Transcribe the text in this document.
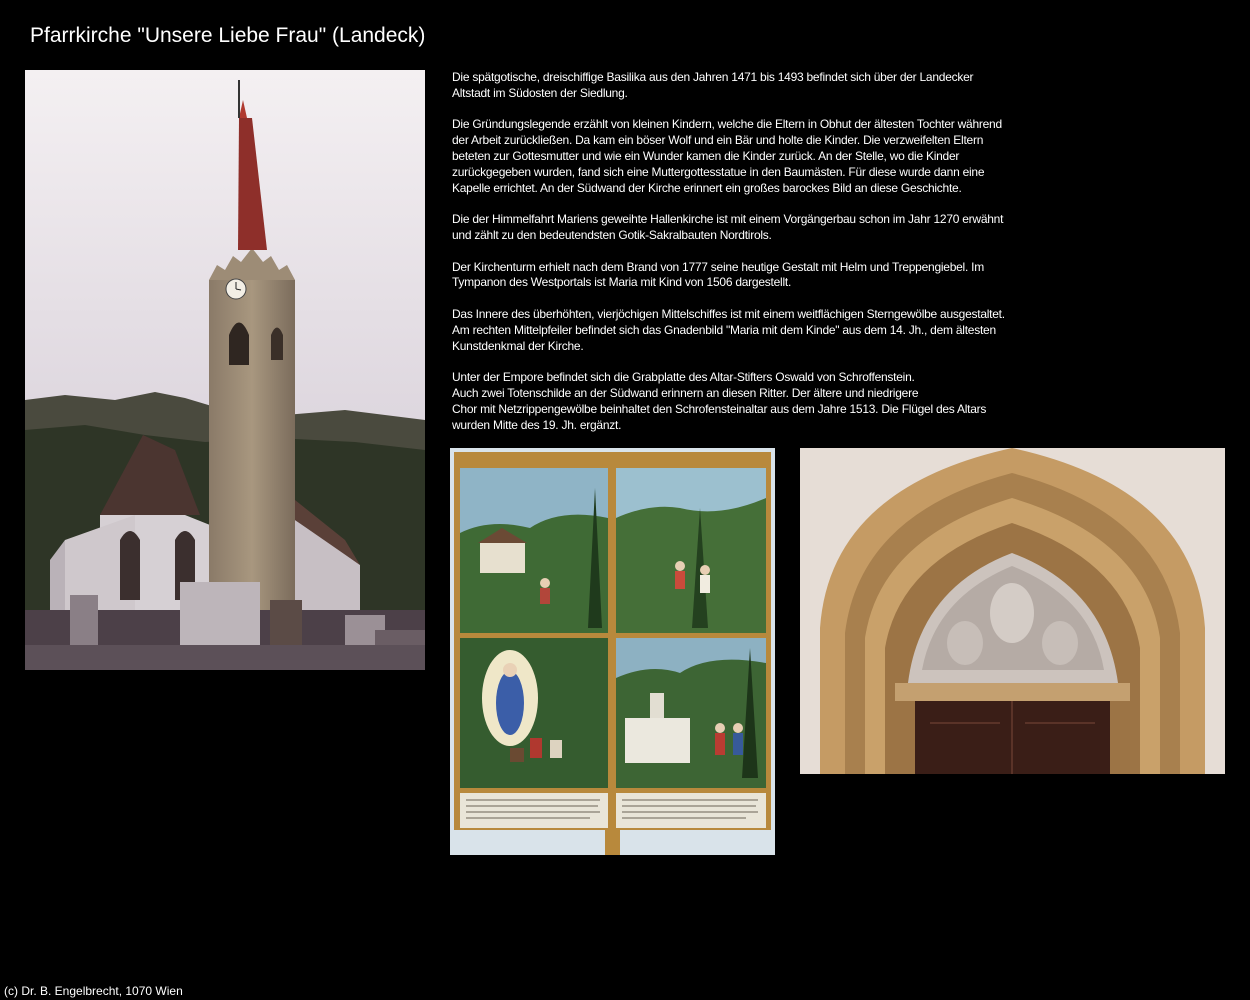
Pfarrkirche "Unsere Liebe Frau" (Landeck)

Die spätgotische, dreischiffige Basilika aus den Jahren 1471 bis 1493 befindet sich über der Landecker
Altstadt im Südosten der Siedlung.

Die Gründungslegende erzählt von kleinen Kindern, welche die Eltern in Obhut der ältesten Tochter während
der Arbeit zurückließen. Da kam ein böser Wolf und ein Bär und holte die Kinder. Die verzweifelten Eltern
beteten zur Gottesmutter und wie ein Wunder kamen die Kinder zurück. An der Stelle, wo die Kinder
zurückgegeben wurden, fand sich eine Muttergottesstatue in den Baumästen. Für diese wurde dann eine
Kapelle errichtet. An der Südwand der Kirche erinnert ein großes barockes Bild an diese Geschichte.

Die der Himmelfahrt Mariens geweihte Hallenkirche ist mit einem Vorgängerbau schon im Jahr 1270 erwähnt
und zählt zu den bedeutendsten Gotik-Sakralbauten Nordtirols.

Der Kirchenturm erhielt nach dem Brand von 1777 seine heutige Gestalt mit Helm und Treppengiebel. Im
Tympanon des Westportals ist Maria mit Kind von 1506 dargestellt.

Das Innere des überhöhten, vierjöchigen Mittelschiffes ist mit einem weitflächigen Sterngewölbe ausgestaltet.
Am rechten Mittelpfeiler befindet sich das Gnadenbild "Maria mit dem Kinde" aus dem 14. Jh., dem ältesten
Kunstdenkmal der Kirche.

Unter der Empore befindet sich die Grabplatte des Altar-Stifters Oswald von Schroffenstein.
Auch zwei Totenschilde an der Südwand erinnern an diesen Ritter. Der ältere und niedrigere
Chor mit Netzrippengewölbe beinhaltet den Schrofensteinaltar aus dem Jahre 1513. Die Flügel des Altars
wurden Mitte des 19. Jh. ergänzt.

(c) Dr. B. Engelbrecht, 1070 Wien
